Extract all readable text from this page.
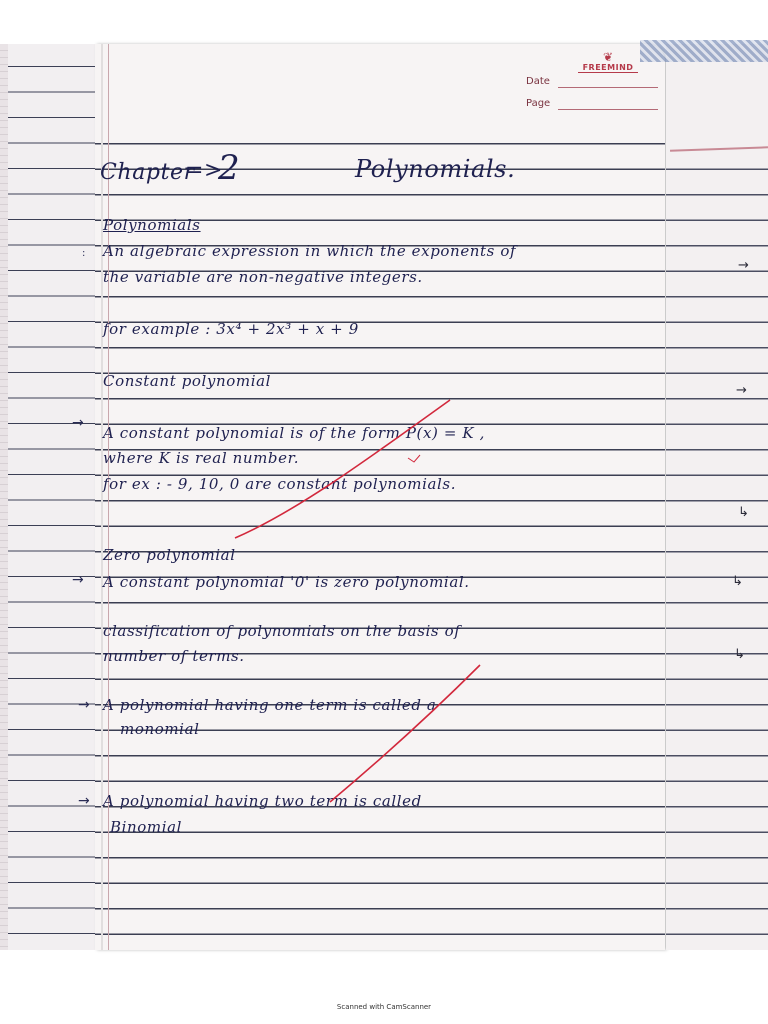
→
→
↳
↳
↳
❦
FREEMIND
Date
Page
Chapter
=>
2	Polynomials.
Polynomials
: An algebraic expression in which the exponents of
the variable are non-negative integers.
for example : 3x⁴ + 2x³ + x + 9
Constant polynomial
→
A constant polynomial is of the form P(x) = K ,
where K is real number.
for ex : - 9, 10, 0 are constant polynomials.
Zero polynomial
→ A constant polynomial '0' is zero polynomial.
classification of polynomials on the basis of
number of terms.
→ A polynomial having one term is called a
monomial
→ A polynomial having two term is called
Binomial
Scanned with CamScanner
